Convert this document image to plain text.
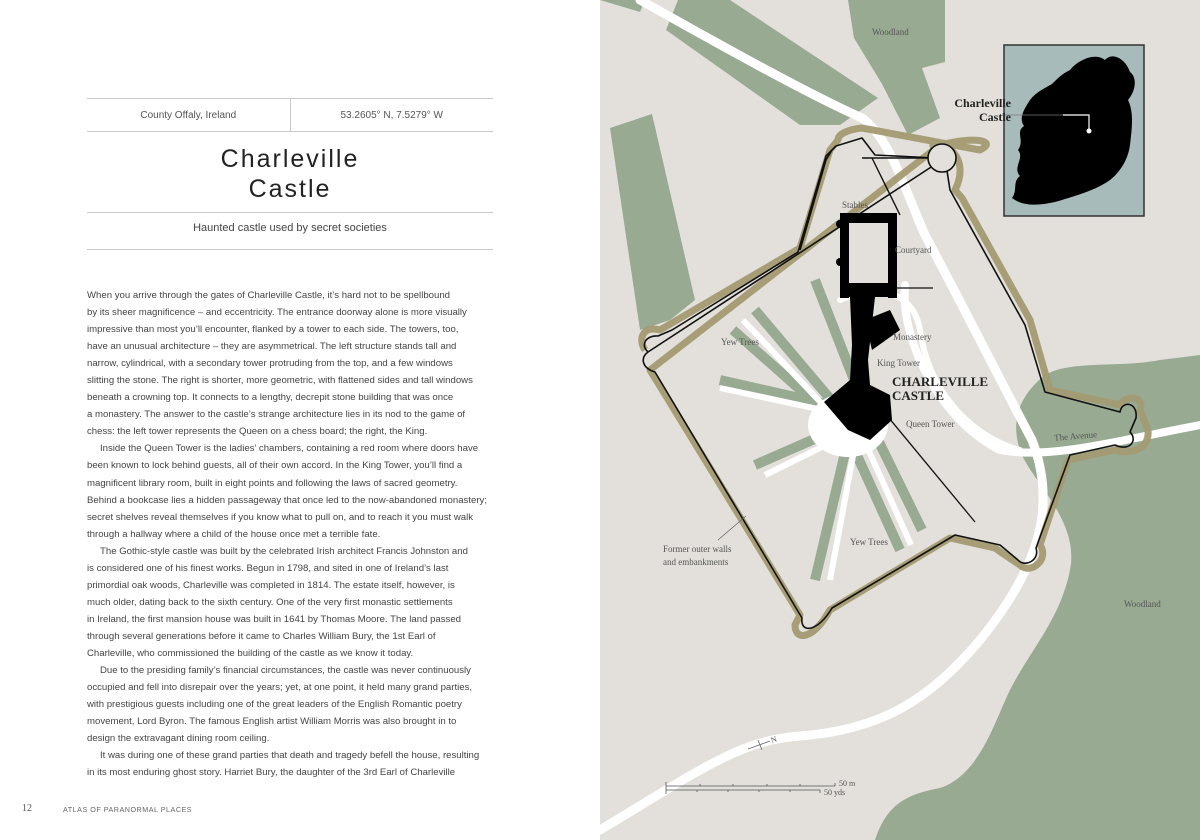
County Offaly, Ireland	53.2605° N, 7.5279° W
Charleville
Castle
Haunted castle used by secret societies
When you arrive through the gates of Charleville Castle, it’s hard not to be spellbound
by its sheer magnificence – and eccentricity. The entrance doorway alone is more visually
impressive than most you’ll encounter, flanked by a tower to each side. The towers, too,
have an unusual architecture – they are asymmetrical. The left structure stands tall and
narrow, cylindrical, with a secondary tower protruding from the top, and a few windows
slitting the stone. The right is shorter, more geometric, with flattened sides and tall windows
beneath a crowning top. It connects to a lengthy, decrepit stone building that was once
a monastery. The answer to the castle’s strange architecture lies in its nod to the game of
chess: the left tower represents the Queen on a chess board; the right, the King.
Inside the Queen Tower is the ladies’ chambers, containing a red room where doors have
been known to lock behind guests, all of their own accord. In the King Tower, you’ll find a
magnificent library room, built in eight points and following the laws of sacred geometry.
Behind a bookcase lies a hidden passageway that once led to the now-abandoned monastery;
secret shelves reveal themselves if you know what to pull on, and to reach it you must walk
through a hallway where a child of the house once met a terrible fate.
The Gothic-style castle was built by the celebrated Irish architect Francis Johnston and
is considered one of his finest works. Begun in 1798, and sited in one of Ireland’s last
primordial oak woods, Charleville was completed in 1814. The estate itself, however, is
much older, dating back to the sixth century. One of the very first monastic settlements
in Ireland, the first mansion house was built in 1641 by Thomas Moore. The land passed
through several generations before it came to Charles William Bury, the 1st Earl of
Charleville, who commissioned the building of the castle as we know it today.
Due to the presiding family’s financial circumstances, the castle was never continuously
occupied and fell into disrepair over the years; yet, at one point, it held many grand parties,
with prestigious guests including one of the great leaders of the English Romantic poetry
movement, Lord Byron. The famous English artist William Morris was also brought in to
design the extravagant dining room ceiling.
It was during one of these grand parties that death and tragedy befell the house, resulting
in its most enduring ghost story. Harriet Bury, the daughter of the 3rd Earl of Charleville
12	ATLAS OF PARANORMAL PLACES
N
Woodland
Woodland
Stables
Courtyard
Monastery
King Tower
CHARLEVILLE
CASTLE
Queen Tower
The Avenue
Yew Trees
Yew Trees
Former outer walls
and embankments
Charleville
Castle
50 m
50 yds
